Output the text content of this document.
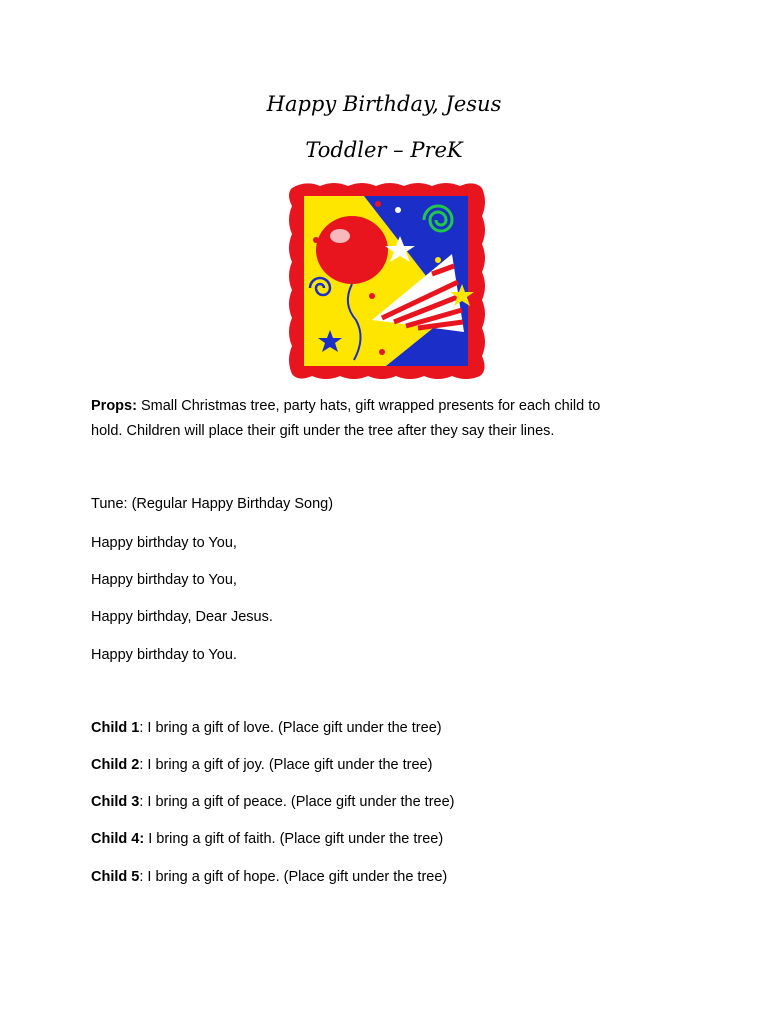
Happy Birthday, Jesus
Toddler – PreK
Props: Small Christmas tree, party hats, gift wrapped presents for each child to
hold. Children will place their gift under the tree after they say their lines.
Tune: (Regular Happy Birthday Song)
Happy birthday to You,
Happy birthday to You,
Happy birthday, Dear Jesus.
Happy birthday to You.
Child 1: I bring a gift of love. (Place gift under the tree)
Child 2: I bring a gift of joy. (Place gift under the tree)
Child 3: I bring a gift of peace. (Place gift under the tree)
Child 4: I bring a gift of faith. (Place gift under the tree)
Child 5: I bring a gift of hope. (Place gift under the tree)
